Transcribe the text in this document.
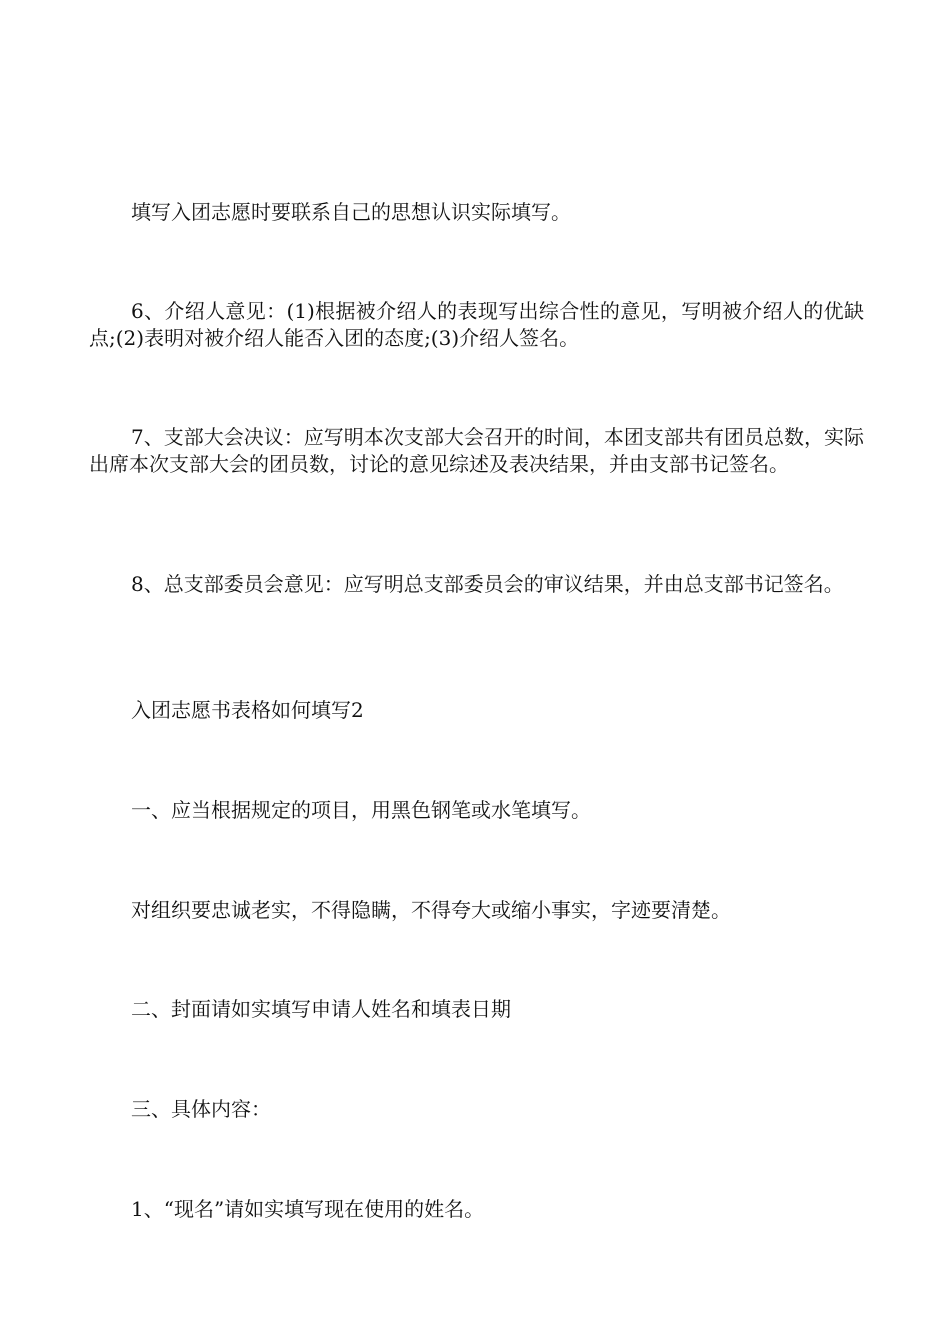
填写入团志愿时要联系自己的思想认识实际填写。

6、介绍人意见：(1)根据被介绍人的表现写出综合性的意见，写明被介绍人的优缺点;(2)表明对被介绍人能否入团的态度;(3)介绍人签名。

7、支部大会决议：应写明本次支部大会召开的时间，本团支部共有团员总数，实际出席本次支部大会的团员数，讨论的意见综述及表决结果，并由支部书记签名。

8、总支部委员会意见：应写明总支部委员会的审议结果，并由总支部书记签名。

入团志愿书表格如何填写2

一、应当根据规定的项目，用黑色钢笔或水笔填写。

对组织要忠诚老实，不得隐瞒，不得夸大或缩小事实，字迹要清楚。

二、封面请如实填写申请人姓名和填表日期

三、具体内容：

1、“现名”请如实填写现在使用的姓名。
